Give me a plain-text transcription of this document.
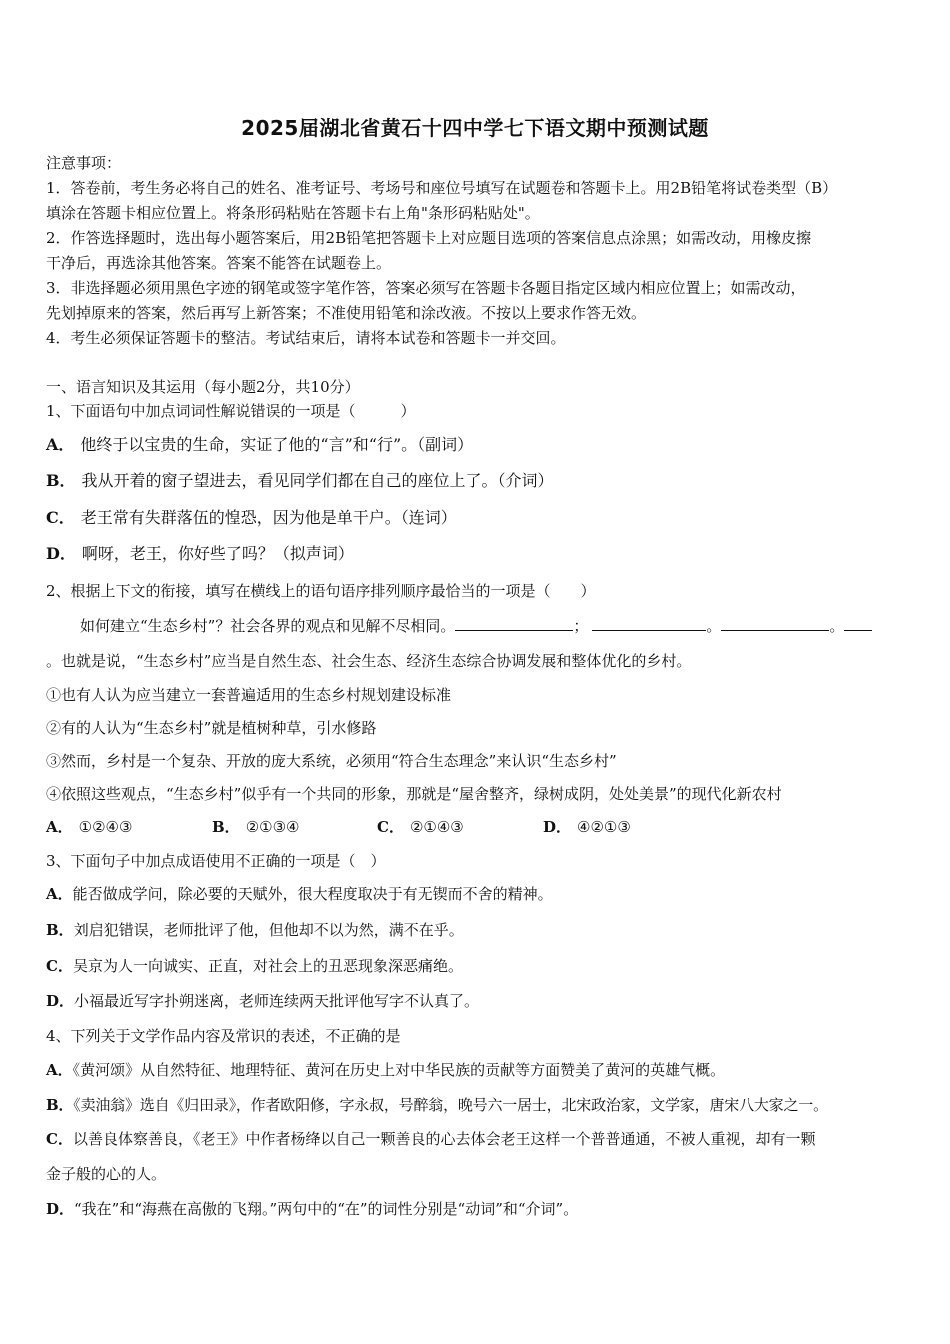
2025届湖北省黄石十四中学七下语文期中预测试题
注意事项：
1．答卷前，考生务必将自己的姓名、准考证号、考场号和座位号填写在试题卷和答题卡上。用2B铅笔将试卷类型（B）
填涂在答题卡相应位置上。将条形码粘贴在答题卡右上角"条形码粘贴处"。
2．作答选择题时，选出每小题答案后，用2B铅笔把答题卡上对应题目选项的答案信息点涂黑；如需改动，用橡皮擦
干净后，再选涂其他答案。答案不能答在试题卷上。
3．非选择题必须用黑色字迹的钢笔或签字笔作答，答案必须写在答题卡各题目指定区域内相应位置上；如需改动，
先划掉原来的答案，然后再写上新答案；不准使用铅笔和涂改液。不按以上要求作答无效。
4．考生必须保证答题卡的整洁。考试结束后，请将本试卷和答题卡一并交回。
一、语言知识及其运用（每小题2分，共10分）
1、下面语句中加点词词性解说错误的一项是（　　　）
A． 他终于以宝贵的生命，实证了他的“言”和“行”。（副词）
B． 我从开着的窗子望进去，看见同学们都在自己的座位上了。（介词）
C． 老王常有失群落伍的惶恐，因为他是单干户。（连词）
D． 啊呀，老王，你好些了吗？（拟声词）
2、根据上下文的衔接，填写在横线上的语句语序排列顺序最恰当的一项是（　　）
如何建立“生态乡村”？社会各界的观点和见解不尽相同。	；	。	。
。也就是说，“生态乡村”应当是自然生态、社会生态、经济生态综合协调发展和整体优化的乡村。
①也有人认为应当建立一套普遍适用的生态乡村规划建设标准
②有的人认为“生态乡村”就是植树种草，引水修路
③然而，乡村是一个复杂、开放的庞大系统，必须用“符合生态理念”来认识“生态乡村”
④依照这些观点，“生态乡村”似乎有一个共同的形象，那就是“屋舍整齐，绿树成阴，处处美景”的现代化新农村
A． ①②④③	B． ②①③④	C． ②①④③	D． ④②①③
3、下面句子中加点成语使用不正确的一项是（　）
A．能否做成学问，除必要的天赋外，很大程度取决于有无锲而不舍的精神。
B．刘启犯错误，老师批评了他，但他却不以为然，满不在乎。
C．吴京为人一向诚实、正直，对社会上的丑恶现象深恶痛绝。
D．小福最近写字扑朔迷离，老师连续两天批评他写字不认真了。
4、下列关于文学作品内容及常识的表述，不正确的是
A．《黄河颂》从自然特征、地理特征、黄河在历史上对中华民族的贡献等方面赞美了黄河的英雄气概。
B．《卖油翁》选自《归田录》，作者欧阳修，字永叔，号醉翁，晚号六一居士，北宋政治家，文学家，唐宋八大家之一。
C．以善良体察善良，《老王》中作者杨绛以自己一颗善良的心去体会老王这样一个普普通通，不被人重视，却有一颗
金子般的心的人。
D．“我在”和“海燕在高傲的飞翔。”两句中的“在”的词性分别是“动词”和“介词”。
